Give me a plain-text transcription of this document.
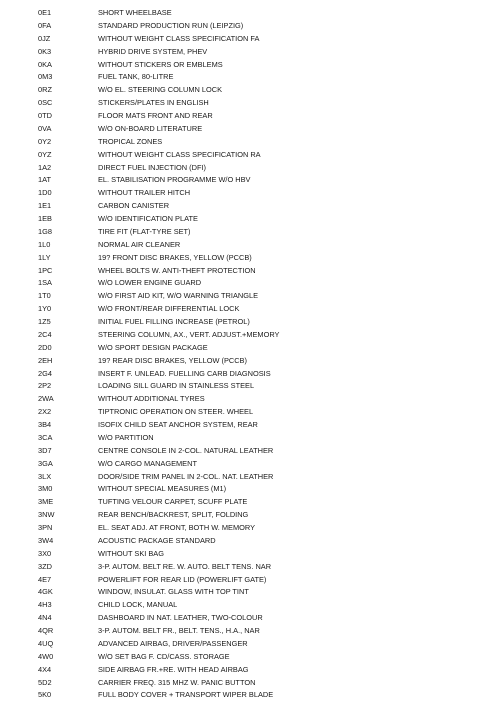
0E1	SHORT WHEELBASE
0FA	STANDARD PRODUCTION RUN (LEIPZIG)
0JZ	WITHOUT WEIGHT CLASS SPECIFICATION FA
0K3	HYBRID DRIVE SYSTEM, PHEV
0KA	WITHOUT STICKERS OR EMBLEMS
0M3	FUEL TANK, 80-LITRE
0RZ	W/O EL. STEERING COLUMN LOCK
0SC	STICKERS/PLATES IN ENGLISH
0TD	FLOOR MATS FRONT AND REAR
0VA	W/O ON-BOARD LITERATURE
0Y2	TROPICAL ZONES
0YZ	WITHOUT WEIGHT CLASS SPECIFICATION RA
1A2	DIRECT FUEL INJECTION (DFI)
1AT	EL. STABILISATION PROGRAMME W/O HBV
1D0	WITHOUT TRAILER HITCH
1E1	CARBON CANISTER
1EB	W/O IDENTIFICATION PLATE
1G8	TIRE FIT (FLAT-TYRE SET)
1L0	NORMAL AIR CLEANER
1LY	19? FRONT DISC BRAKES, YELLOW (PCCB)
1PC	WHEEL BOLTS W. ANTI-THEFT PROTECTION
1SA	W/O LOWER ENGINE GUARD
1T0	W/O FIRST AID KIT, W/O WARNING TRIANGLE
1Y0	W/O FRONT/REAR DIFFERENTIAL LOCK
1Z5	INITIAL FUEL FILLING INCREASE (PETROL)
2C4	STEERING COLUMN, AX., VERT. ADJUST.+MEMORY
2D0	W/O SPORT DESIGN PACKAGE
2EH	19? REAR DISC BRAKES, YELLOW (PCCB)
2G4	INSERT F. UNLEAD. FUELLING CARB DIAGNOSIS
2P2	LOADING SILL GUARD IN STAINLESS STEEL
2WA	WITHOUT ADDITIONAL TYRES
2X2	TIPTRONIC OPERATION ON STEER. WHEEL
3B4	ISOFIX CHILD SEAT ANCHOR SYSTEM, REAR
3CA	W/O PARTITION
3D7	CENTRE CONSOLE IN 2-COL. NATURAL LEATHER
3GA	W/O CARGO MANAGEMENT
3LX	DOOR/SIDE TRIM PANEL IN 2-COL. NAT. LEATHER
3M0	WITHOUT SPECIAL MEASURES (M1)
3ME	TUFTING VELOUR CARPET, SCUFF PLATE
3NW	REAR BENCH/BACKREST, SPLIT, FOLDING
3PN	EL. SEAT ADJ. AT FRONT, BOTH W. MEMORY
3W4	ACOUSTIC PACKAGE STANDARD
3X0	WITHOUT SKI BAG
3ZD	3-P. AUTOM. BELT RE. W. AUTO. BELT TENS. NAR
4E7	POWERLIFT FOR REAR LID (POWERLIFT GATE)
4GK	WINDOW, INSULAT. GLASS WITH TOP TINT
4H3	CHILD LOCK, MANUAL
4N4	DASHBOARD IN NAT. LEATHER, TWO-COLOUR
4QR	3-P. AUTOM. BELT FR., BELT. TENS., H.A., NAR
4UQ	ADVANCED AIRBAG, DRIVER/PASSENGER
4W0	W/O SET BAG F. CD/CASS. STORAGE
4X4	SIDE AIRBAG FR.+RE. WITH HEAD AIRBAG
5D2	CARRIER FREQ. 315 MHZ W. PANIC BUTTON
5K0	FULL BODY COVER + TRANSPORT WIPER BLADE
